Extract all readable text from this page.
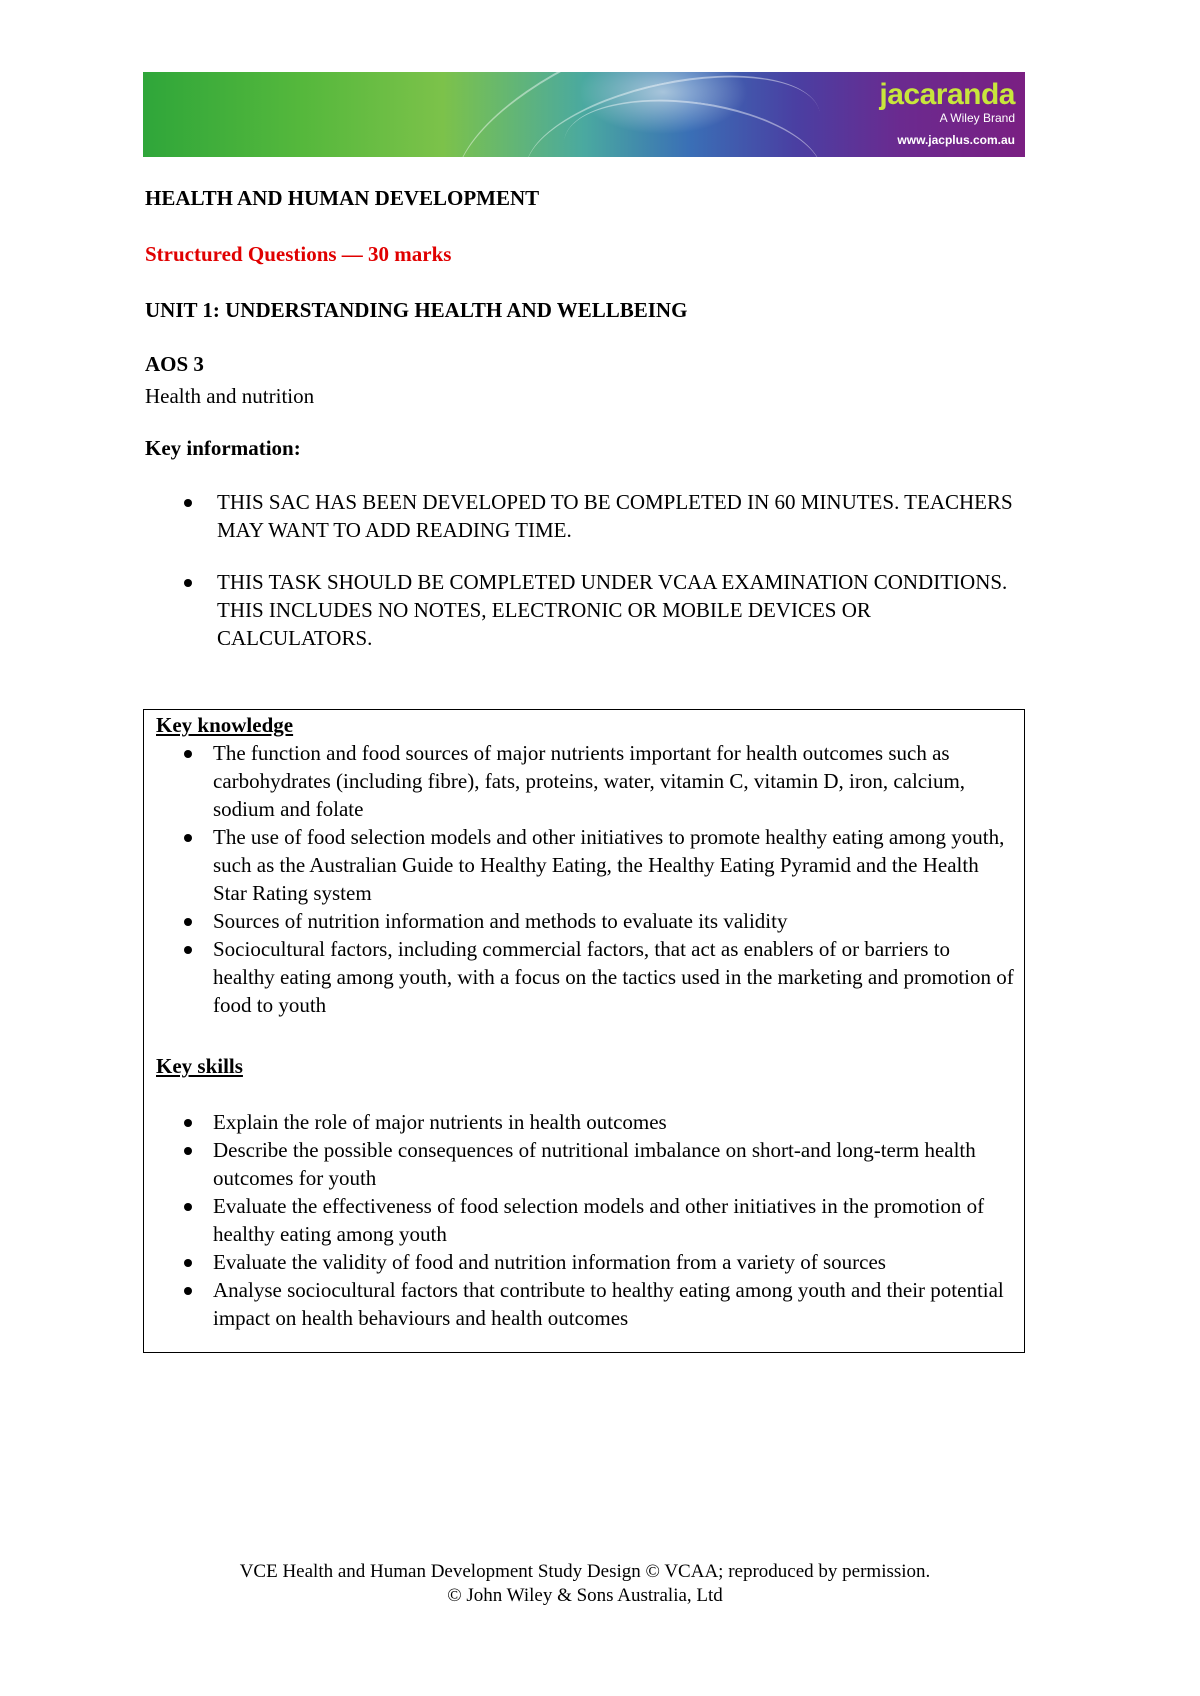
jacaranda
A Wiley Brand
www.jacplus.com.au

HEALTH AND HUMAN DEVELOPMENT

Structured Questions — 30 marks

UNIT 1: UNDERSTANDING HEALTH AND WELLBEING

AOS 3

Health and nutrition

Key information:

THIS SAC HAS BEEN DEVELOPED TO BE COMPLETED IN 60 MINUTES. TEACHERS MAY WANT TO ADD READING TIME.
THIS TASK SHOULD BE COMPLETED UNDER VCAA EXAMINATION CONDITIONS. THIS INCLUDES NO NOTES, ELECTRONIC OR MOBILE DEVICES OR CALCULATORS.
Key knowledge
The function and food sources of major nutrients important for health outcomes such as carbohydrates (including fibre), fats, proteins, water, vitamin C, vitamin D, iron, calcium, sodium and folate
The use of food selection models and other initiatives to promote healthy eating among youth, such as the Australian Guide to Healthy Eating, the Healthy Eating Pyramid and the Health Star Rating system
Sources of nutrition information and methods to evaluate its validity
Sociocultural factors, including commercial factors, that act as enablers of or barriers to healthy eating among youth, with a focus on the tactics used in the marketing and promotion of food to youth
Key skills
Explain the role of major nutrients in health outcomes
Describe the possible consequences of nutritional imbalance on short-and long-term health outcomes for youth
Evaluate the effectiveness of food selection models and other initiatives in the promotion of healthy eating among youth
Evaluate the validity of food and nutrition information from a variety of sources
Analyse sociocultural factors that contribute to healthy eating among youth and their potential impact on health behaviours and health outcomes
VCE Health and Human Development Study Design © VCAA; reproduced by permission.
© John Wiley & Sons Australia, Ltd
